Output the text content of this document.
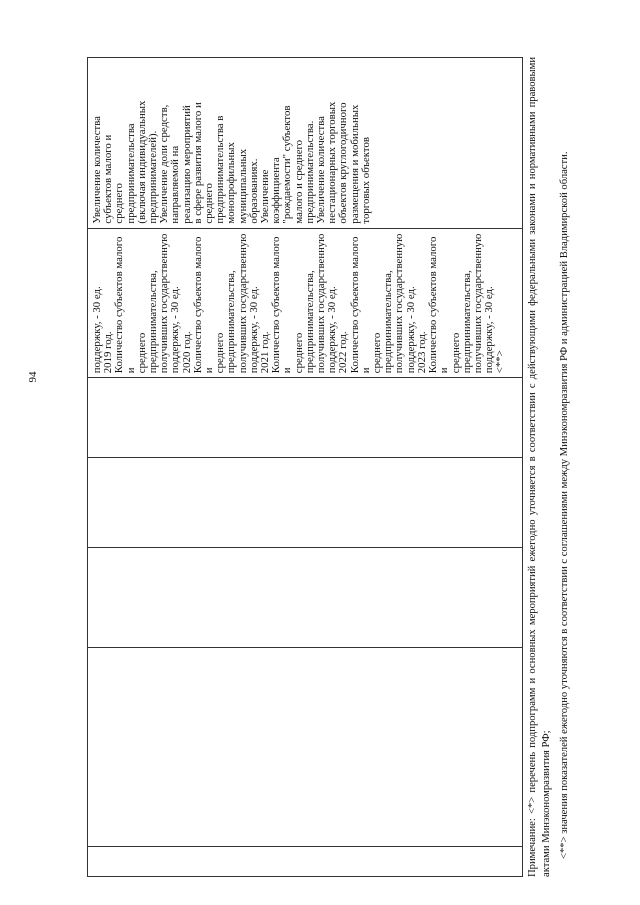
94
поддержку, - 30 ед.
2019 год.
Количество субъектов малого и
среднего предпринимательства,
получивших государственную
поддержку, - 30 ед.
2020 год.
Количество субъектов малого и
среднего предпринимательства,
получивших государственную
поддержку, - 30 ед.
2021 год.
Количество субъектов малого и
среднего предпринимательства,
получивших государственную
поддержку, - 30 ед.
2022 год.
Количество субъектов малого и
среднего предпринимательства,
получивших государственную
поддержку, - 30 ед.
2023 год.
Количество субъектов малого и
среднего предпринимательства,
получивших государственную
поддержку, - 30 ед.
<**>
Увеличение количества
субъектов малого и
среднего
предпринимательства
(включая индивидуальных
предпринимателей).
Увеличение доли средств,
направляемой на
реализацию мероприятий
в сфере развития малого и
среднего
предпринимательства в
монопрофильных
муниципальных
образованиях.
Увеличение
коэффициента
"рождаемости" субъектов
малого и среднего
предпринимательства.
Увеличение количества
нестационарных торговых
объектов круглогодичного
размещения и мобильных
торговых объектов	Примечание: <*> перечень подпрограмм и основных мероприятий ежегодно уточняется в соответствии с действующими федеральными законами и нормативными правовыми актами Минэкономразвития РФ; <**> значения показателей ежегодно уточняются в соответствии с соглашениями между Минэкономразвития РФ и администрацией Владимирской области.
